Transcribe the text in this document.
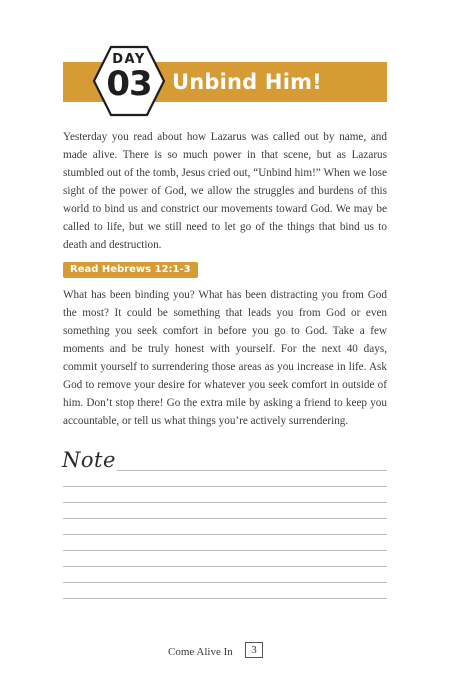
Unbind Him!
DAY
03

Yesterday you read about how Lazarus was called out by name, and made alive. There is so much power in that scene, but as Lazarus stumbled out of the tomb, Jesus cried out, “Unbind him!” When we lose sight of the power of God, we allow the struggles and burdens of this world to bind us and constrict our movements toward God. We may be called to life, but we still need to let go of the things that bind us to death and destruction.

Read Hebrews 12:1-3

What has been binding you? What has been distracting you from God the most? It could be something that leads you from God or even something you seek comfort in before you go to God. Take a few moments and be truly honest with yourself. For the next 40 days, commit yourself to surrendering those areas as you increase in life. Ask God to remove your desire for whatever you seek comfort in outside of him. Don’t stop there! Go the extra mile by asking a friend to keep you accountable, or tell us what things you’re actively surrendering.

Note
Come Alive In	3
